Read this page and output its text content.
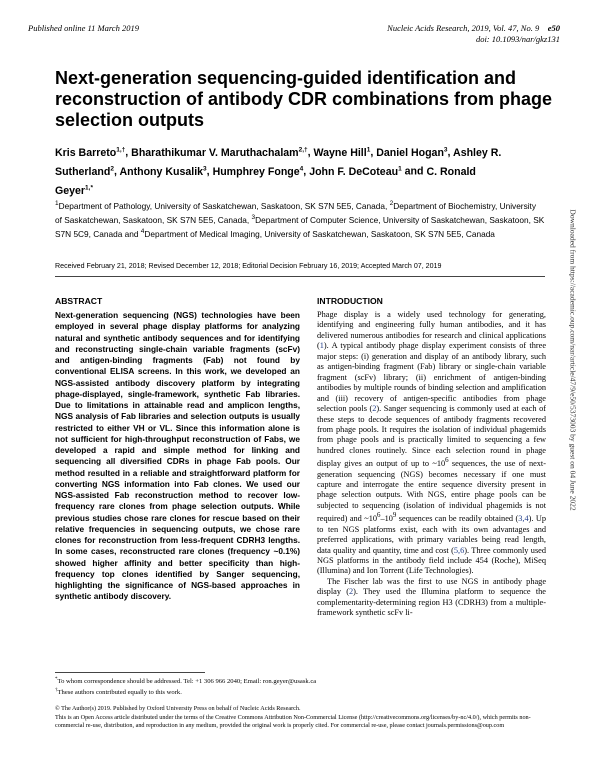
Published online 11 March 2019	Nucleic Acids Research, 2019, Vol. 47, No. 9 e50
doi: 10.1093/nar/gkz131
Next-generation sequencing-guided identification and reconstruction of antibody CDR combinations from phage selection outputs
Kris Barreto$^{1,\dagger}$, Bharathikumar V. Maruthachalam$^{2,\dagger}$, Wayne Hill$^1$, Daniel Hogan$^3$, Ashley R. Sutherland$^2$, Anthony Kusalik$^3$, Humphrey Fonge$^4$, John F. DeCoteau$^1$ and C. Ronald Geyer$^{1,*}$
$^1$Department of Pathology, University of Saskatchewan, Saskatoon, SK S7N 5E5, Canada, $^2$Department of Biochemistry, University of Saskatchewan, Saskatoon, SK S7N 5E5, Canada, $^3$Department of Computer Science, University of Saskatchewan, Saskatoon, SK S7N 5C9, Canada and $^4$Department of Medical Imaging, University of Saskatchewan, Saskatoon, SK S7N 5E5, Canada
Received February 21, 2018; Revised December 12, 2018; Editorial Decision February 16, 2019; Accepted March 07, 2019	Downloaded from https://academic.oup.com/nar/article/47/9/e50/5373003 by guest on 04 June 2022
ABSTRACT
Next-generation sequencing (NGS) technologies have been employed in several phage display platforms for analyzing natural and synthetic antibody sequences and for identifying and reconstructing single-chain variable fragments (scFv) and antigen-binding fragments (Fab) not found by conventional ELISA screens. In this work, we developed an NGS-assisted antibody discovery platform by integrating phage-displayed, single-framework, synthetic Fab libraries. Due to limitations in attainable read and amplicon lengths, NGS analysis of Fab libraries and selection outputs is usually restricted to either VH or VL. Since this information alone is not sufficient for high-throughput reconstruction of Fabs, we developed a rapid and simple method for linking and sequencing all diversified CDRs in phage Fab pools. Our method resulted in a reliable and straightforward platform for converting NGS information into Fab clones. We used our NGS-assisted Fab reconstruction method to recover low-frequency rare clones from phage selection outputs. While previous studies chose rare clones for rescue based on their relative frequencies in sequencing outputs, we chose rare clones for reconstruction from less-frequent CDRH3 lengths. In some cases, reconstructed rare clones (frequency ~0.1%) showed higher affinity and better specificity than high-frequency top clones identified by Sanger sequencing, highlighting the significance of NGS-based approaches in synthetic antibody discovery.
INTRODUCTION

Phage display is a widely used technology for generating, identifying and engineering fully human antibodies, and it has delivered numerous antibodies for research and clinical applications (1). A typical antibody phage display experiment consists of three major steps: (i) generation and display of an antibody library, such as antigen-binding fragment (Fab) library or single-chain variable fragment (scFv) library; (ii) enrichment of antigen-binding antibodies by multiple rounds of binding selection and amplification and (iii) recovery of antigen-specific antibodies from phage selection pools (2). Sanger sequencing is commonly used at each of these steps to decode sequences of antibody fragments recovered from phage pools. It requires the isolation of individual phagemids from phage pools and is practically limited to sequencing a few hundred clones routinely. Since each selection round in phage display gives an output of up to $\sim 10^6$ sequences, the use of next-generation sequencing (NGS) becomes necessary if one must capture and interrogate the entire sequence diversity present in phage selection outputs. With NGS, entire phage pools can be subjected to sequencing (isolation of individual phagemids is not required) and $\sim 10^6-10^9$ sequences can be readily obtained (3,4). Up to ten NGS platforms exist, each with its own advantages and preferred applications, with primary variables being read length, data quality and quantity, time and cost (5,6). Three commonly used NGS platforms in the antibody field include 454 (Roche), MiSeq (Illumina) and Ion Torrent (Life Technologies).

The Fischer lab was the first to use NGS in antibody phage display (2). They used the Illumina platform to sequence the complementarity-determining region H3 (CDRH3) from a multiple-framework synthetic scFv li-

*To whom correspondence should be addressed. Tel: +1 306 966 2040; Email: ron.geyer@usask.ca
†These authors contributed equally to this work.
© The Author(s) 2019. Published by Oxford University Press on behalf of Nucleic Acids Research.
This is an Open Access article distributed under the terms of the Creative Commons Attribution Non-Commercial License (http://creativecommons.org/licenses/by-nc/4.0/), which permits non-commercial re-use, distribution, and reproduction in any medium, provided the original work is properly cited. For commercial re-use, please contact journals.permissions@oup.com
